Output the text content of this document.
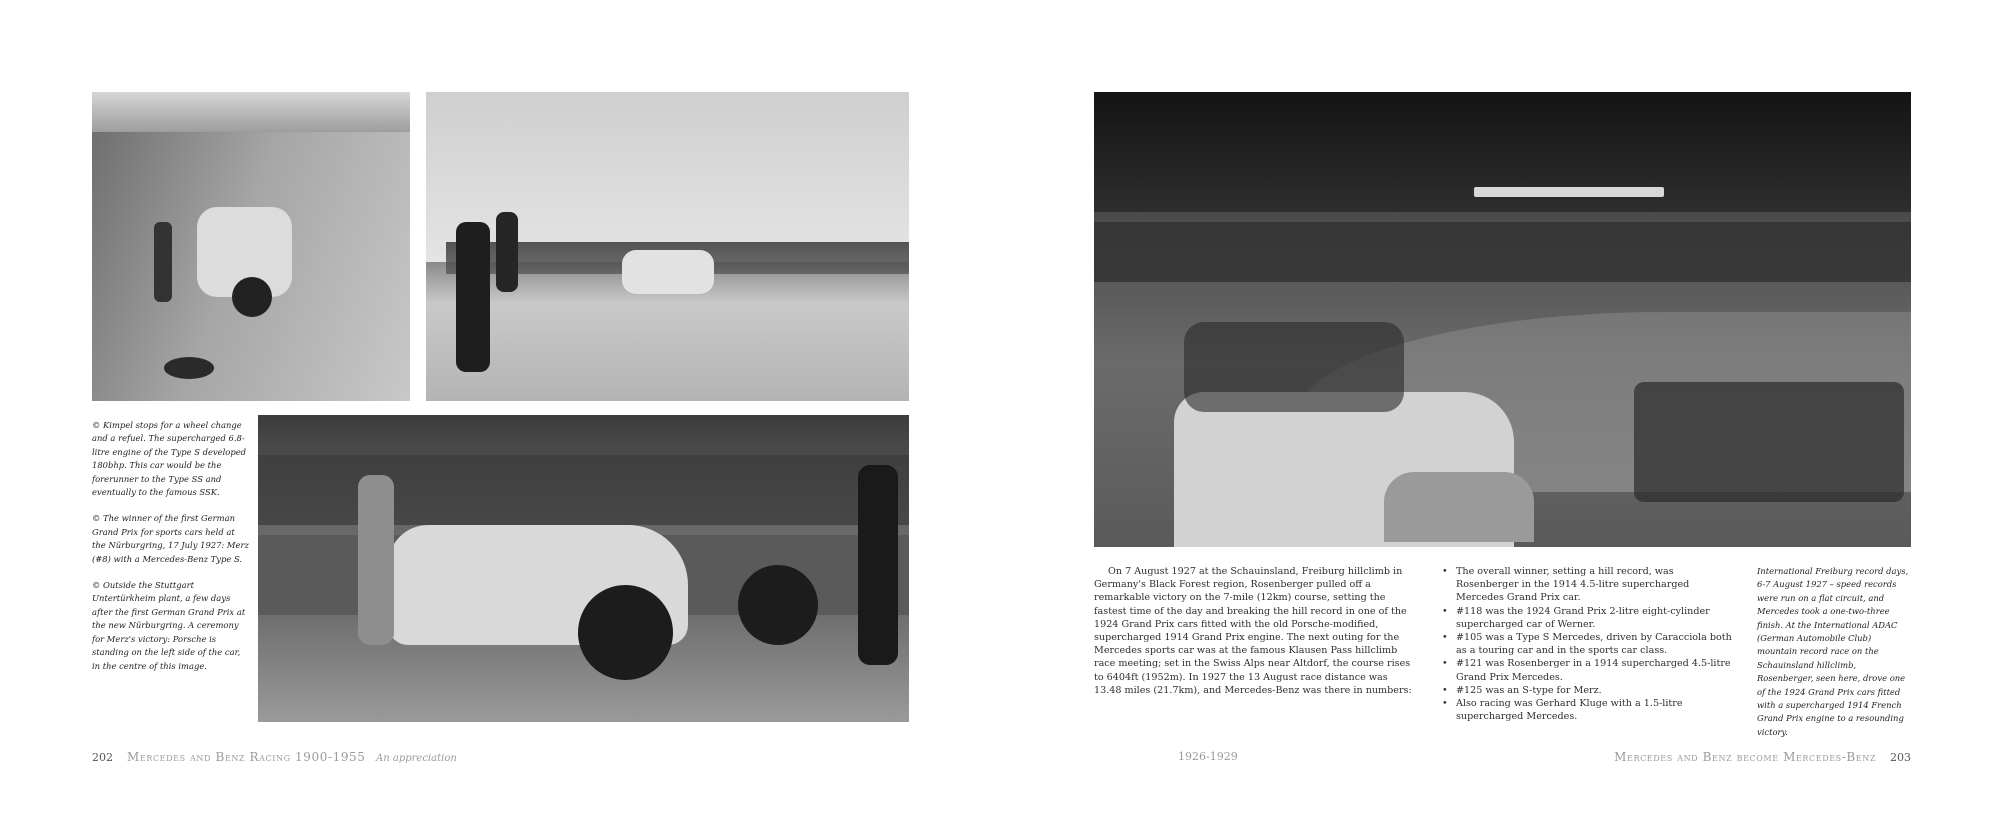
© Kimpel stops for a wheel change and a refuel. The supercharged 6.8-litre engine of the Type S developed 180bhp. This car would be the forerunner to the Type SS and eventually to the famous SSK.

© The winner of the first German Grand Prix for sports cars held at the Nürburgring, 17 July 1927: Merz (#8) with a Mercedes-Benz Type S.

© Outside the Stuttgart Untertürkheim plant, a few days after the first German Grand Prix at the new Nürburgring. A ceremony for Merz's victory: Porsche is standing on the left side of the car, in the centre of this image.

On 7 August 1927 at the Schauinsland, Freiburg hillclimb in Germany's Black Forest region, Rosenberger pulled off a remarkable victory on the 7-mile (12km) course, setting the fastest time of the day and breaking the hill record in one of the 1924 Grand Prix cars fitted with the old Porsche-modified, supercharged 1914 Grand Prix engine. The next outing for the Mercedes sports car was at the famous Klausen Pass hillclimb race meeting; set in the Swiss Alps near Altdorf, the course rises to 6404ft (1952m). In 1927 the 13 August race distance was 13.48 miles (21.7km), and Mercedes-Benz was there in numbers:

• The overall winner, setting a hill record, was Rosenberger in the 1914 4.5-litre supercharged Mercedes Grand Prix car.
• #118 was the 1924 Grand Prix 2-litre eight-cylinder supercharged car of Werner.
• #105 was a Type S Mercedes, driven by Caracciola both as a touring car and in the sports car class.
• #121 was Rosenberger in a 1914 supercharged 4.5-litre Grand Prix Mercedes.
• #125 was an S-type for Merz.
• Also racing was Gerhard Kluge with a 1.5-litre supercharged Mercedes.

International Freiburg record days, 6-7 August 1927 – speed records were run on a flat circuit, and Mercedes took a one-two-three finish. At the International ADAC (German Automobile Club) mountain record race on the Schauinsland hillclimb, Rosenberger, seen here, drove one of the 1924 Grand Prix cars fitted with a supercharged 1914 French Grand Prix engine to a resounding victory.

202 Mercedes and Benz Racing 1900-1955 An appreciation	1926-1929	Mercedes and Benz become Mercedes-Benz 203
